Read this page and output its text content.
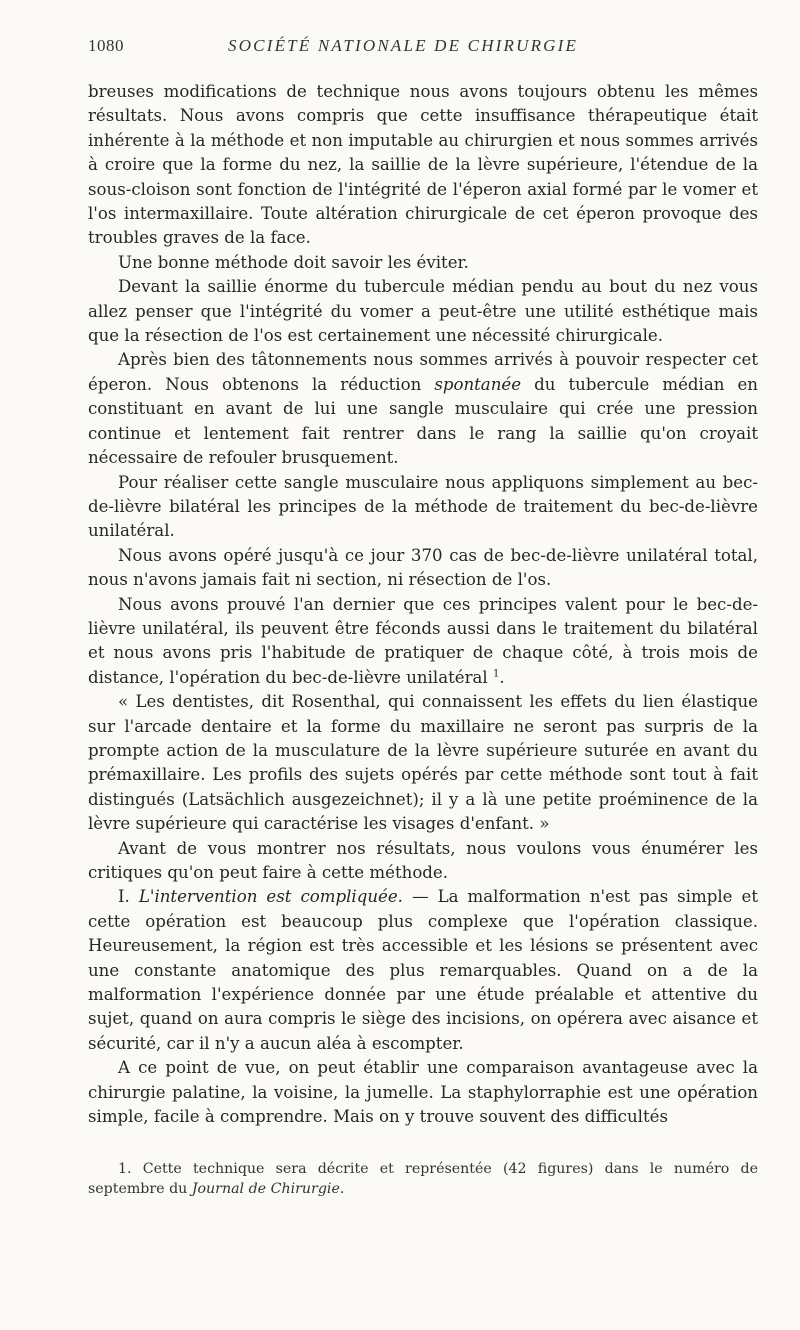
1080	SOCIÉTÉ NATIONALE DE CHIRURGIE

breuses modifications de technique nous avons toujours obtenu les mêmes résultats. Nous avons compris que cette insuffisance thérapeutique était inhérente à la méthode et non imputable au chirurgien et nous sommes arrivés à croire que la forme du nez, la saillie de la lèvre supérieure, l'étendue de la sous-cloison sont fonction de l'intégrité de l'éperon axial formé par le vomer et l'os intermaxillaire. Toute altération chirurgicale de cet éperon provoque des troubles graves de la face.

Une bonne méthode doit savoir les éviter.

Devant la saillie énorme du tubercule médian pendu au bout du nez vous allez penser que l'intégrité du vomer a peut-être une utilité esthétique mais que la résection de l'os est certainement une nécessité chirurgicale.

Après bien des tâtonnements nous sommes arrivés à pouvoir respecter cet éperon. Nous obtenons la réduction spontanée du tubercule médian en constituant en avant de lui une sangle musculaire qui crée une pression continue et lentement fait rentrer dans le rang la saillie qu'on croyait nécessaire de refouler brusquement.

Pour réaliser cette sangle musculaire nous appliquons simplement au bec-de-lièvre bilatéral les principes de la méthode de traitement du bec-de-lièvre unilatéral.

Nous avons opéré jusqu'à ce jour 370 cas de bec-de-lièvre unilatéral total, nous n'avons jamais fait ni section, ni résection de l'os.

Nous avons prouvé l'an dernier que ces principes valent pour le bec-de-lièvre unilatéral, ils peuvent être féconds aussi dans le traitement du bilatéral et nous avons pris l'habitude de pratiquer de chaque côté, à trois mois de distance, l'opération du bec-de-lièvre unilatéral $^1$.

« Les dentistes, dit Rosenthal, qui connaissent les effets du lien élastique sur l'arcade dentaire et la forme du maxillaire ne seront pas surpris de la prompte action de la musculature de la lèvre supérieure suturée en avant du prémaxillaire. Les profils des sujets opérés par cette méthode sont tout à fait distingués (Latsächlich ausgezeichnet); il y a là une petite proéminence de la lèvre supérieure qui caractérise les visages d'enfant. »

Avant de vous montrer nos résultats, nous voulons vous énumérer les critiques qu'on peut faire à cette méthode.

I. L'intervention est compliquée. — La malformation n'est pas simple et cette opération est beaucoup plus complexe que l'opération classique. Heureusement, la région est très accessible et les lésions se présentent avec une constante anatomique des plus remarquables. Quand on a de la malformation l'expérience donnée par une étude préalable et attentive du sujet, quand on aura compris le siège des incisions, on opérera avec aisance et sécurité, car il n'y a aucun aléa à escompter.

A ce point de vue, on peut établir une comparaison avantageuse avec la chirurgie palatine, la voisine, la jumelle. La staphylorraphie est une opération simple, facile à comprendre. Mais on y trouve souvent des difficultés

1. Cette technique sera décrite et représentée (42 figures) dans le numéro de septembre du Journal de Chirurgie.
